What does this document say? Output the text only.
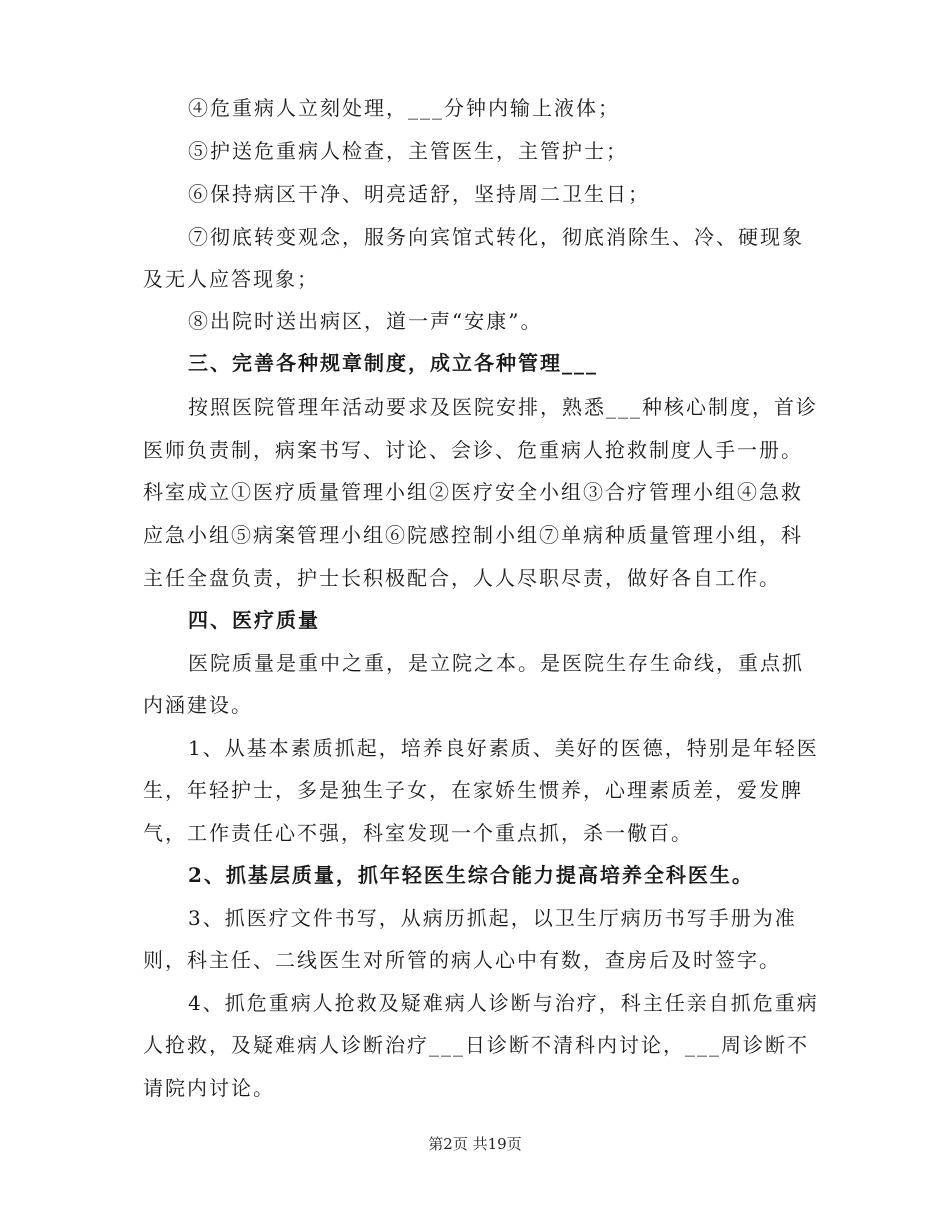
④危重病人立刻处理，___分钟内输上液体；
⑤护送危重病人检查，主管医生，主管护士；
⑥保持病区干净、明亮适舒，坚持周二卫生日；
⑦彻底转变观念，服务向宾馆式转化，彻底消除生、冷、硬现象
及无人应答现象；
⑧出院时送出病区，道一声“安康”。
三、完善各种规章制度，成立各种管理___
按照医院管理年活动要求及医院安排，熟悉___种核心制度，首诊
医师负责制，病案书写、讨论、会诊、危重病人抢救制度人手一册。
科室成立①医疗质量管理小组②医疗安全小组③合疗管理小组④急救
应急小组⑤病案管理小组⑥院感控制小组⑦单病种质量管理小组，科
主任全盘负责，护士长积极配合，人人尽职尽责，做好各自工作。
四、医疗质量
医院质量是重中之重，是立院之本。是医院生存生命线，重点抓
内涵建设。
1、从基本素质抓起，培养良好素质、美好的医德，特别是年轻医
生，年轻护士，多是独生子女，在家娇生惯养，心理素质差，爱发脾
气，工作责任心不强，科室发现一个重点抓，杀一儆百。
2、抓基层质量，抓年轻医生综合能力提高培养全科医生。
3、抓医疗文件书写，从病历抓起，以卫生厅病历书写手册为准
则，科主任、二线医生对所管的病人心中有数，查房后及时签字。
4、抓危重病人抢救及疑难病人诊断与治疗，科主任亲自抓危重病
人抢救，及疑难病人诊断治疗___日诊断不清科内讨论，___周诊断不
请院内讨论。
第2页 共19页
